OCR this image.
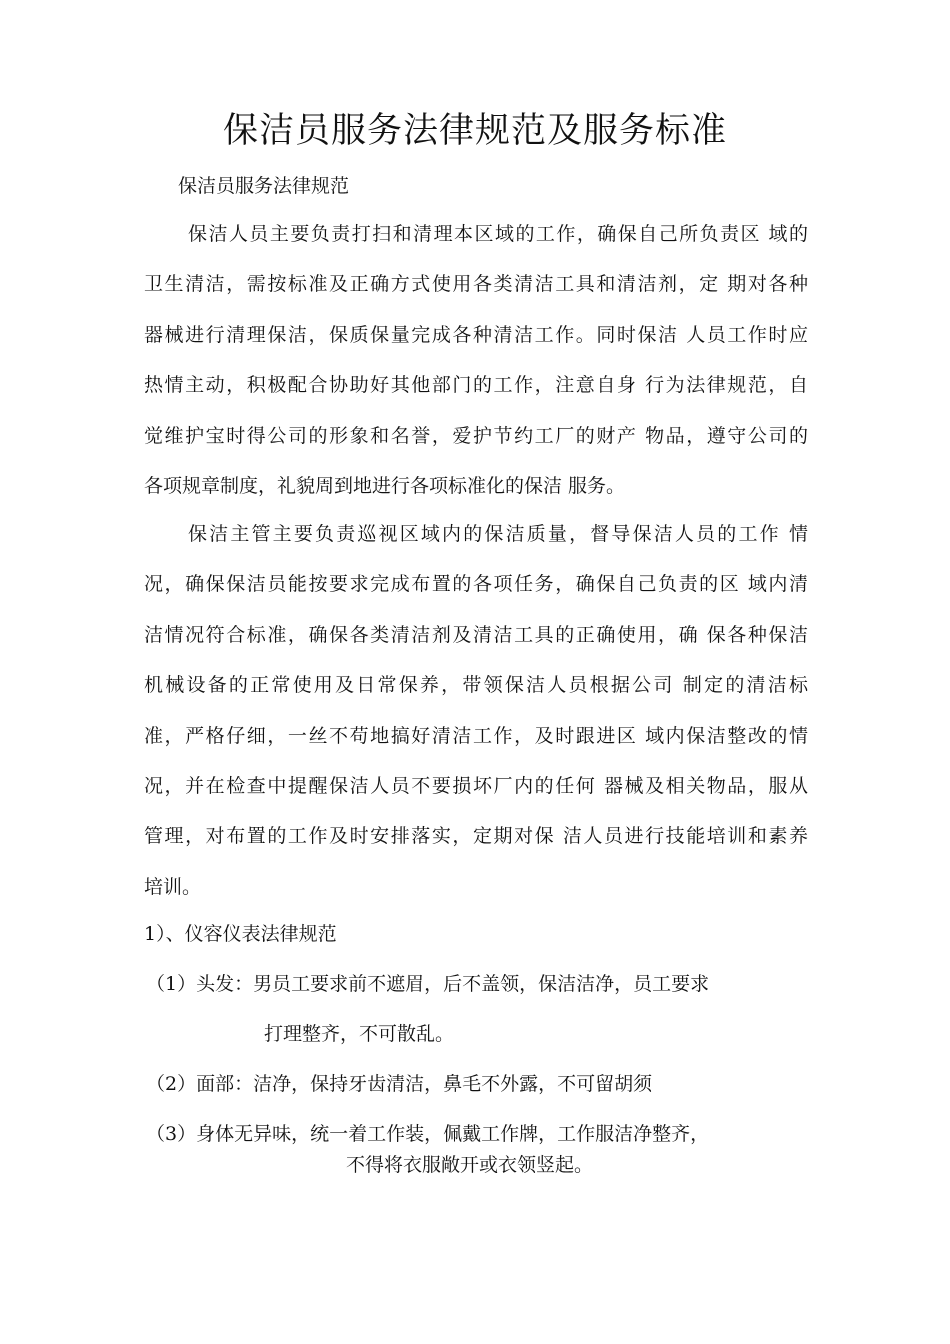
保洁员服务法律规范及服务标准
保洁员服务法律规范
保洁人员主要负责打扫和清理本区域的工作，确保自己所负责区 域的
卫生清洁，需按标准及正确方式使用各类清洁工具和清洁剂，定 期对各种
器械进行清理保洁，保质保量完成各种清洁工作。同时保洁 人员工作时应
热情主动，积极配合协助好其他部门的工作，注意自身 行为法律规范，自
觉维护宝时得公司的形象和名誉，爱护节约工厂的财产 物品，遵守公司的
各项规章制度，礼貌周到地进行各项标准化的保洁 服务。
保洁主管主要负责巡视区域内的保洁质量，督导保洁人员的工作 情
况，确保保洁员能按要求完成布置的各项任务，确保自己负责的区 域内清
洁情况符合标准，确保各类清洁剂及清洁工具的正确使用，确 保各种保洁
机械设备的正常使用及日常保养，带领保洁人员根据公司 制定的清洁标
准，严格仔细，一丝不苟地搞好清洁工作，及时跟进区 域内保洁整改的情
况，并在检查中提醒保洁人员不要损坏厂内的任何 器械及相关物品，服从
管理，对布置的工作及时安排落实，定期对保 洁人员进行技能培训和素养
培训。
1）、仪容仪表法律规范
（1）头发：男员工要求前不遮眉，后不盖领，保洁洁净，员工要求
打理整齐，不可散乱。
（2）面部：洁净，保持牙齿清洁，鼻毛不外露，不可留胡须
（3）身体无异味，统一着工作装，佩戴工作牌，工作服洁净整齐，
不得将衣服敞开或衣领竖起。
